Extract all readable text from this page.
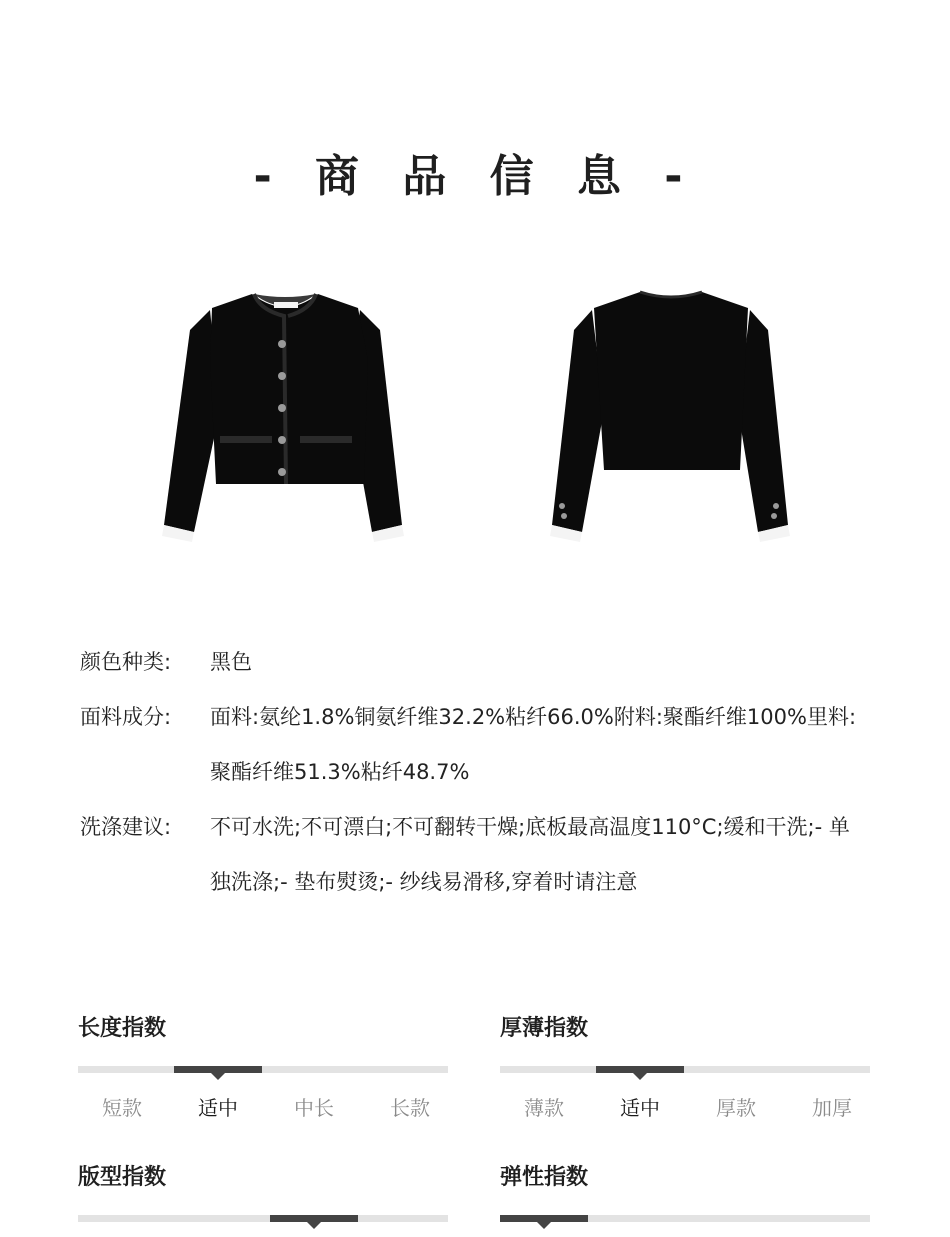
- 商 品 信 息 -
颜色种类:	黑色
面料成分:	面料:氨纶1.8%铜氨纤维32.2%粘纤66.0%附料:聚酯纤维100%里料:聚酯纤维51.3%粘纤48.7%
洗涤建议:	不可水洗;不可漂白;不可翻转干燥;底板最高温度110°C;缓和干洗;- 单独洗涤;- 垫布熨烫;- 纱线易滑移,穿着时请注意
长度指数
短款	适中	中长	长款
厚薄指数
薄款	适中	厚款	加厚
版型指数	弹性指数
